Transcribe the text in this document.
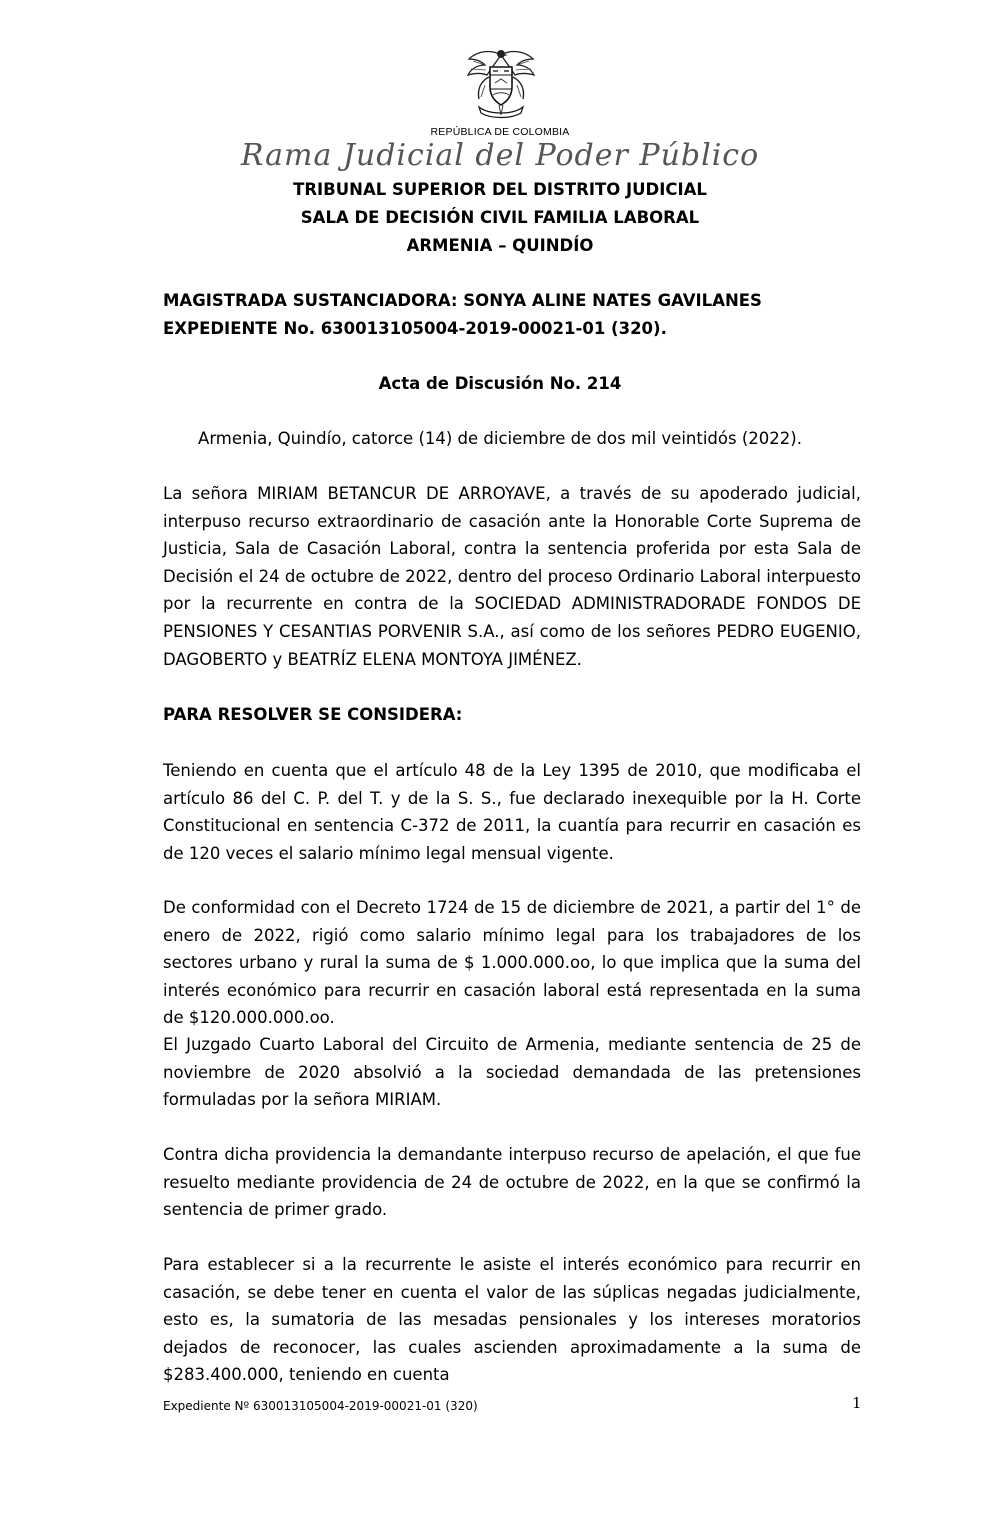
REPÚBLICA DE COLOMBIA
Rama Judicial del Poder Público
TRIBUNAL SUPERIOR DEL DISTRITO JUDICIAL
SALA DE DECISIÓN CIVIL FAMILIA LABORAL
ARMENIA – QUINDÍO
MAGISTRADA SUSTANCIADORA: SONYA ALINE NATES GAVILANES
EXPEDIENTE No. 630013105004-2019-00021-01 (320).
Acta de Discusión No. 214
Armenia, Quindío, catorce (14) de diciembre de dos mil veintidós (2022).

La señora MIRIAM BETANCUR DE ARROYAVE, a través de su apoderado judicial, interpuso recurso extraordinario de casación ante la Honorable Corte Suprema de Justicia, Sala de Casación Laboral, contra la sentencia proferida por esta Sala de Decisión el 24 de octubre de 2022, dentro del proceso Ordinario Laboral interpuesto por la recurrente en contra de la SOCIEDAD ADMINISTRADORADE FONDOS DE PENSIONES Y CESANTIAS PORVENIR S.A., así como de los señores PEDRO EUGENIO, DAGOBERTO y BEATRÍZ ELENA MONTOYA JIMÉNEZ.

PARA RESOLVER SE CONSIDERA:

Teniendo en cuenta que el artículo 48 de la Ley 1395 de 2010, que modificaba el artículo 86 del C. P. del T. y de la S. S., fue declarado inexequible por la H. Corte Constitucional en sentencia C-372 de 2011, la cuantía para recurrir en casación es de 120 veces el salario mínimo legal mensual vigente.

De conformidad con el Decreto 1724 de 15 de diciembre de 2021, a partir del 1° de enero de 2022, rigió como salario mínimo legal para los trabajadores de los sectores urbano y rural la suma de $ 1.000.000.oo, lo que implica que la suma del interés económico para recurrir en casación laboral está representada en la suma de $120.000.000.oo.

El Juzgado Cuarto Laboral del Circuito de Armenia, mediante sentencia de 25 de noviembre de 2020 absolvió a la sociedad demandada de las pretensiones formuladas por la señora MIRIAM.

Contra dicha providencia la demandante interpuso recurso de apelación, el que fue resuelto mediante providencia de 24 de octubre de 2022, en la que se confirmó la sentencia de primer grado.

Para establecer si a la recurrente le asiste el interés económico para recurrir en casación, se debe tener en cuenta el valor de las súplicas negadas judicialmente, esto es, la sumatoria de las mesadas pensionales y los intereses moratorios dejados de reconocer, las cuales ascienden aproximadamente a la suma de $283.400.000, teniendo en cuenta

Expediente Nº 630013105004-2019-00021-01 (320)	1
